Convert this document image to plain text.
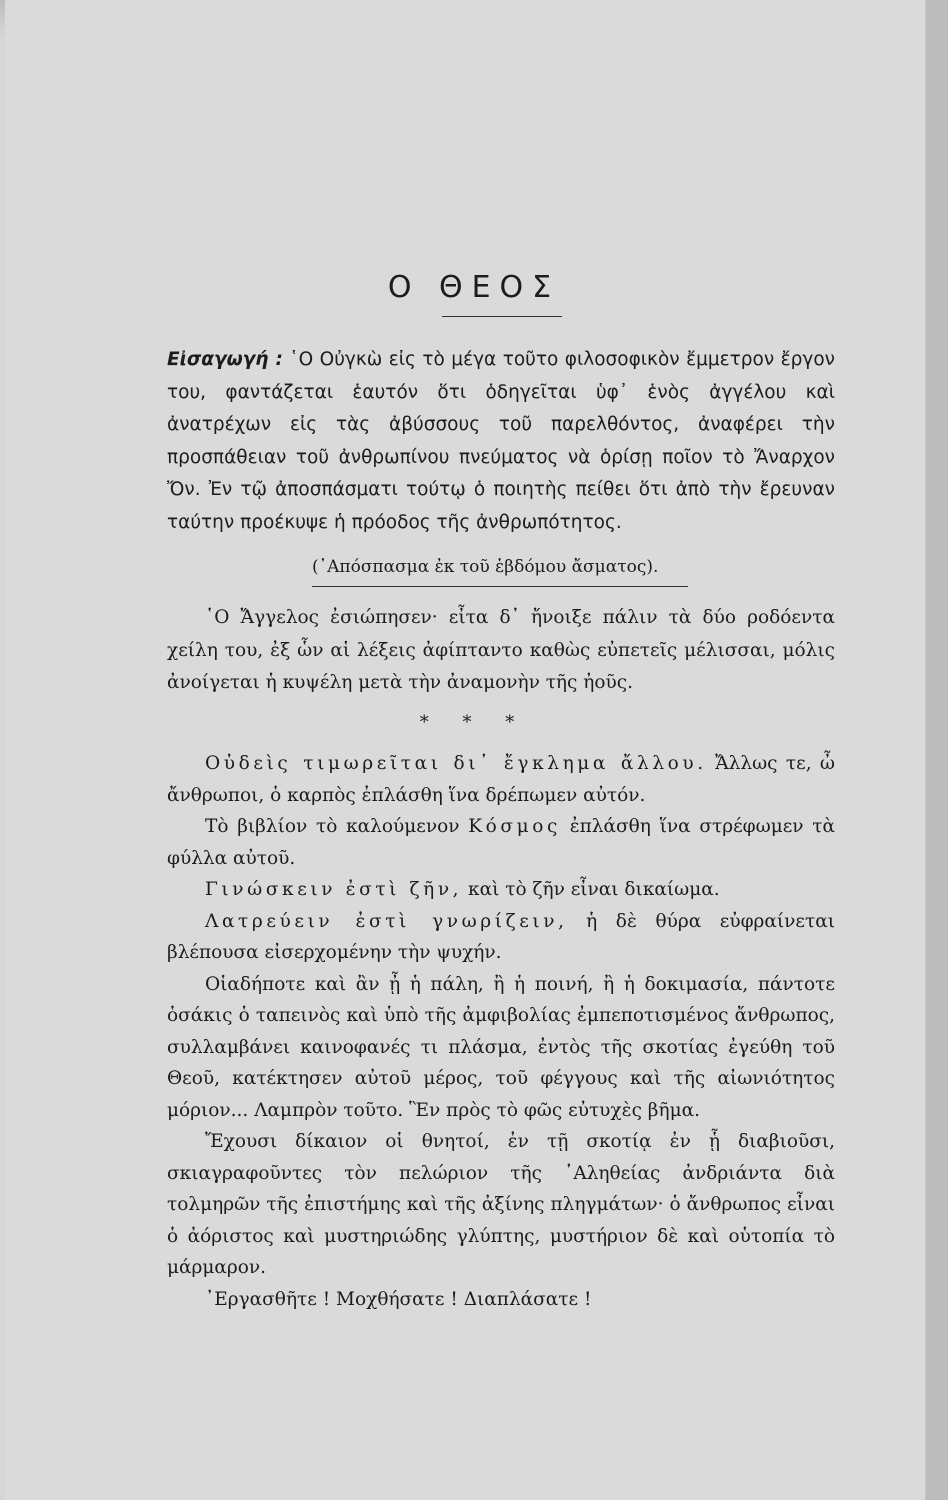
Ο ΘΕΟΣ
Εἰσαγωγή : ῾Ο Οὐγκὼ εἰς τὸ μέγα τοῦτο φιλοσοφικὸν ἔμμετρον ἔργον του, φαντάζεται ἑαυτόν ὅτι ὁδηγεῖται ὑφ᾿ ἑνὸς ἀγγέλου καὶ ἀνατρέχων εἰς τὰς ἀβύσσους τοῦ παρελθόντος, ἀναφέρει τὴν προσπάθειαν τοῦ ἀνθρωπίνου πνεύματος νὰ ὁρίσῃ ποῖον τὸ Ἄναρχον Ὄν. Ἐν τῷ ἀποσπάσματι τούτῳ ὁ ποιητὴς πείθει ὅτι ἀπὸ τὴν ἔρευναν ταύτην προέκυψε ἡ πρόοδος τῆς ἀνθρωπότητος.
(᾿Απόσπασμα ἐκ τοῦ ἑβδόμου ἄσματος).

῾Ο Ἄγγελος ἐσιώπησεν· εἶτα δ᾿ ἤνοιξε πάλιν τὰ δύο ροδόεντα χείλη του, ἐξ ὧν αἱ λέξεις ἀφίπταντο καθὼς εὐπετεῖς μέλισσαι, μόλις ἀνοίγεται ἡ κυψέλη μετὰ τὴν ἀναμονὴν τῆς ἠοῦς.

* * *

Οὐδεὶς τιμωρεῖται δι᾿ ἔγκλημα ἄλλου. Ἄλλως τε, ὦ ἄνθρωποι, ὁ καρπὸς ἐπλάσθη ἵνα δρέπωμεν αὐτόν.

Τὸ βιβλίον τὸ καλούμενον Κόσμος ἐπλάσθη ἵνα στρέφωμεν τὰ φύλλα αὐτοῦ.

Γινώσκειν ἐστὶ ζῆν, καὶ τὸ ζῆν εἶναι δικαίωμα.

Λατρεύειν ἐστὶ γνωρίζειν, ἡ δὲ θύρα εὐφραίνεται βλέπουσα εἰσερχομένην τὴν ψυχήν.

Οἱαδήποτε καὶ ἂν ᾖ ἡ πάλη, ἢ ἡ ποινή, ἢ ἡ δοκιμασία, πάντοτε ὁσάκις ὁ ταπεινὸς καὶ ὑπὸ τῆς ἀμφιβολίας ἐμπεποτισμένος ἄνθρωπος, συλλαμβάνει καινοφανές τι πλάσμα, ἐντὸς τῆς σκοτίας ἐγεύθη τοῦ Θεοῦ, κατέκτησεν αὐτοῦ μέρος, τοῦ φέγγους καὶ τῆς αἰωνιότητος μόριον... Λαμπρὸν τοῦτο. Ἓν πρὸς τὸ φῶς εὐτυχὲς βῆμα.

Ἔχουσι δίκαιον οἱ θνητοί, ἐν τῇ σκοτίᾳ ἐν ᾗ διαβιοῦσι, σκιαγραφοῦντες τὸν πελώριον τῆς ᾿Αληθείας ἀνδριάντα διὰ τολμηρῶν τῆς ἐπιστήμης καὶ τῆς ἀξίνης πληγμάτων· ὁ ἄνθρωπος εἶναι ὁ ἀόριστος καὶ μυστηριώδης γλύπτης, μυστήριον δὲ καὶ οὑτοπία τὸ μάρμαρον.

᾿Εργασθῆτε ! Μοχθήσατε ! Διαπλάσατε !
